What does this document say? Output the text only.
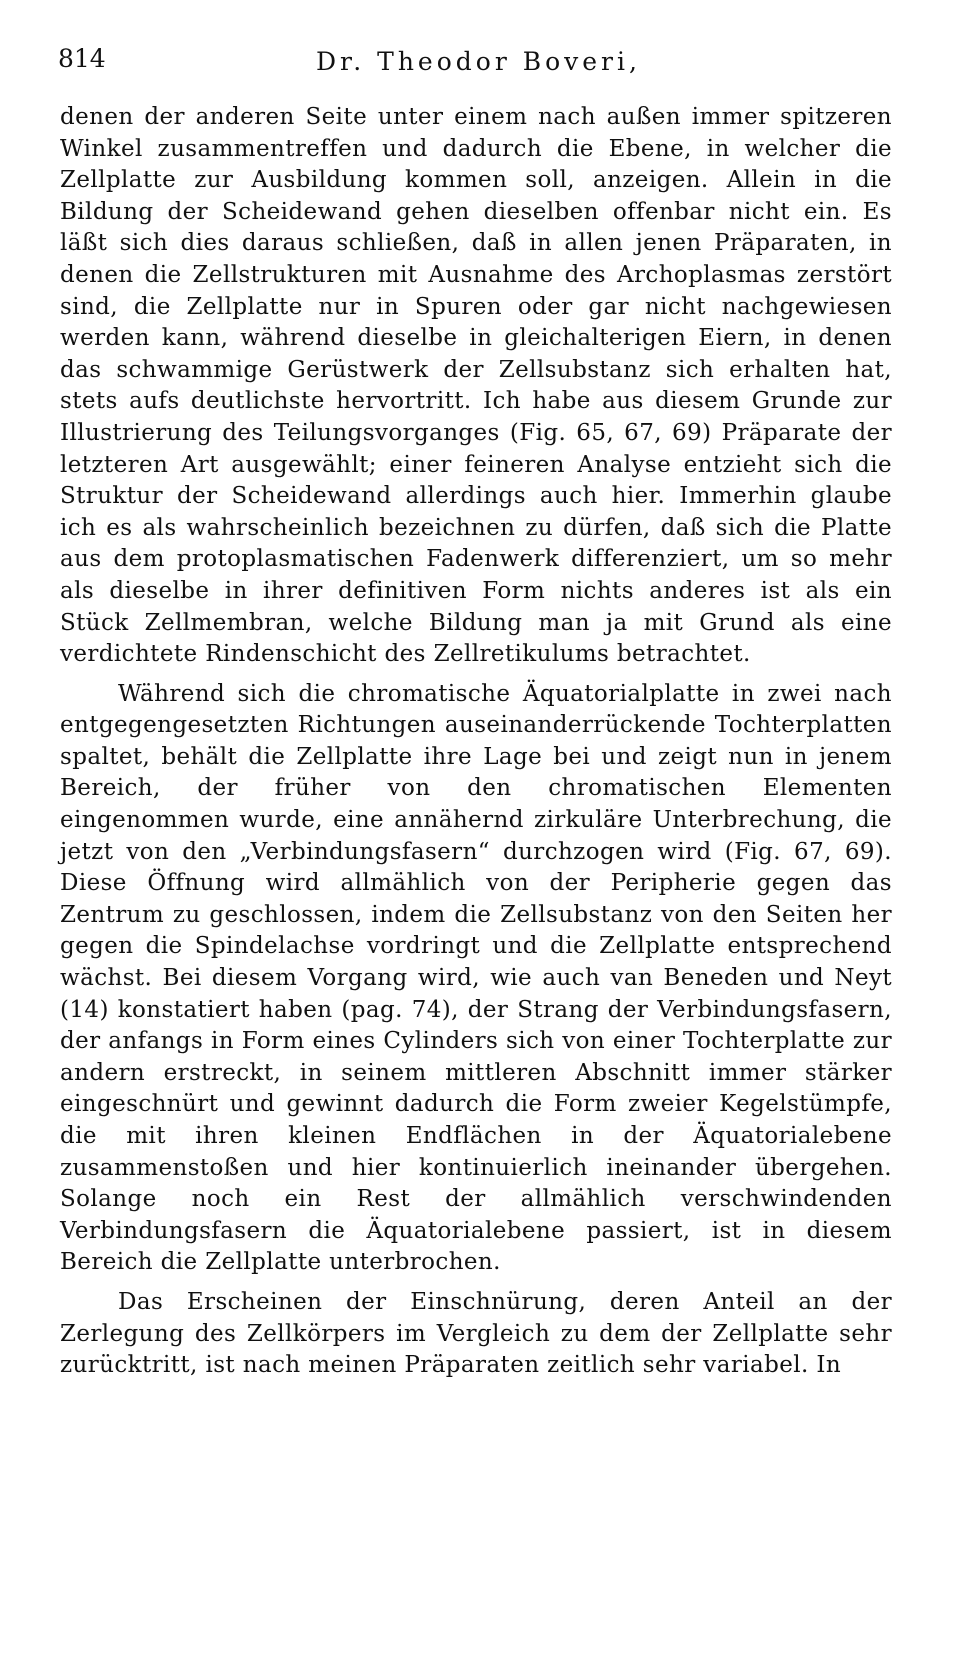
814	Dr. Theodor Boveri,

denen der anderen Seite unter einem nach außen immer spitzeren Winkel zusammentreffen und dadurch die Ebene, in welcher die Zellplatte zur Ausbildung kommen soll, anzeigen. Allein in die Bildung der Scheidewand gehen dieselben offenbar nicht ein. Es läßt sich dies daraus schließen, daß in allen jenen Präparaten, in denen die Zellstrukturen mit Ausnahme des Archoplasmas zerstört sind, die Zellplatte nur in Spuren oder gar nicht nachgewiesen werden kann, während dieselbe in gleichalterigen Eiern, in denen das schwammige Gerüstwerk der Zellsubstanz sich erhalten hat, stets aufs deutlichste hervortritt. Ich habe aus diesem Grunde zur Illustrierung des Teilungsvorganges (Fig. 65, 67, 69) Präparate der letzteren Art ausgewählt; einer feineren Analyse entzieht sich die Struktur der Scheidewand allerdings auch hier. Immerhin glaube ich es als wahrscheinlich bezeichnen zu dürfen, daß sich die Platte aus dem protoplasmatischen Fadenwerk differenziert, um so mehr als dieselbe in ihrer definitiven Form nichts anderes ist als ein Stück Zellmembran, welche Bildung man ja mit Grund als eine verdichtete Rindenschicht des Zellretikulums betrachtet.

Während sich die chromatische Äquatorialplatte in zwei nach entgegengesetzten Richtungen auseinanderrückende Tochterplatten spaltet, behält die Zellplatte ihre Lage bei und zeigt nun in jenem Bereich, der früher von den chromatischen Elementen eingenommen wurde, eine annähernd zirkuläre Unterbrechung, die jetzt von den „Verbindungsfasern“ durchzogen wird (Fig. 67, 69). Diese Öffnung wird allmählich von der Peripherie gegen das Zentrum zu geschlossen, indem die Zellsubstanz von den Seiten her gegen die Spindelachse vordringt und die Zellplatte entsprechend wächst. Bei diesem Vorgang wird, wie auch van Beneden und Neyt (14) konstatiert haben (pag. 74), der Strang der Verbindungsfasern, der anfangs in Form eines Cylinders sich von einer Tochterplatte zur andern erstreckt, in seinem mittleren Abschnitt immer stärker eingeschnürt und gewinnt dadurch die Form zweier Kegelstümpfe, die mit ihren kleinen Endflächen in der Äquatorialebene zusammenstoßen und hier kontinuierlich ineinander übergehen. Solange noch ein Rest der allmählich verschwindenden Verbindungsfasern die Äquatorialebene passiert, ist in diesem Bereich die Zellplatte unterbrochen.

Das Erscheinen der Einschnürung, deren Anteil an der Zerlegung des Zellkörpers im Vergleich zu dem der Zellplatte sehr zurücktritt, ist nach meinen Präparaten zeitlich sehr variabel. In
